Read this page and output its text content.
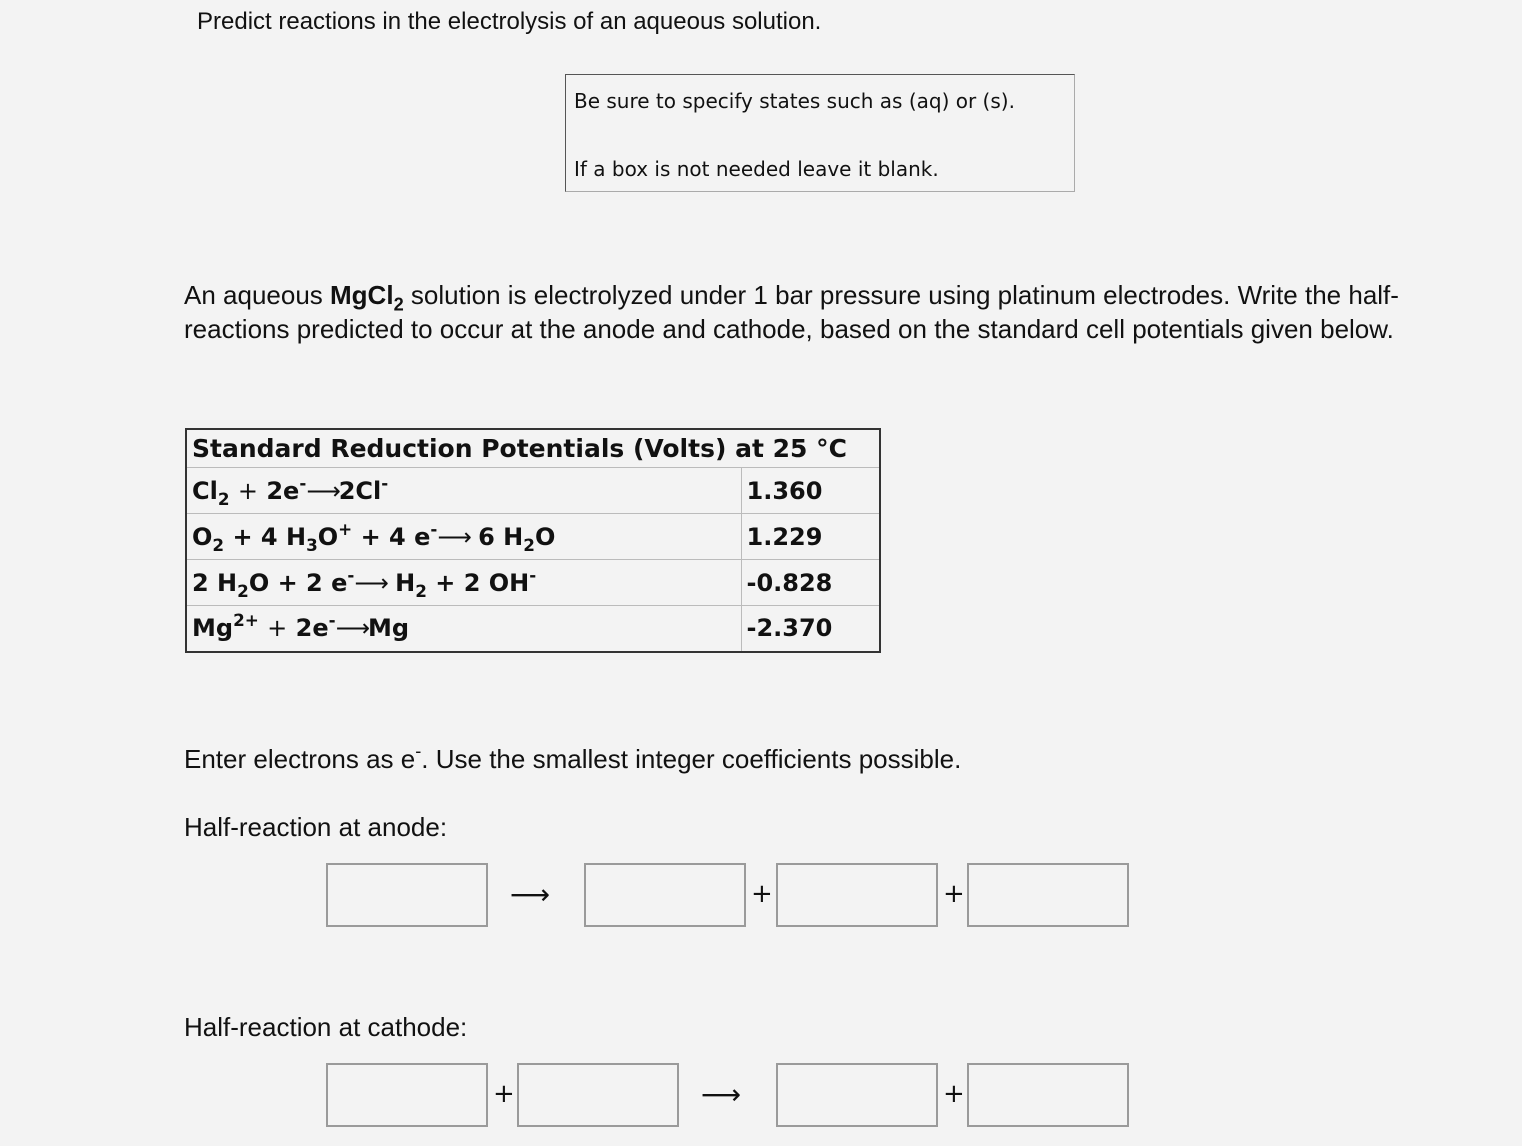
Predict reactions in the electrolysis of an aqueous solution.
Be sure to specify states such as (aq) or (s).
If a box is not needed leave it blank.
An aqueous MgCl$_2$ solution is electrolyzed under 1 bar pressure using platinum electrodes. Write the half-reactions predicted to occur at the anode and cathode, based on the standard cell potentials given below.
Standard Reduction Potentials (Volts) at 25 °C	
$Cl_2$ + 2e-⟶2Cl-	1.360
$O_2 + 4$ $H_3O^+ + 4$ e-⟶ 6 $H_2O$	1.229
2 $H_2O + 2$ e-⟶ $H_2 + 2$ OH-	-0.828
$Mg^{2+}$ + 2e-⟶Mg	-2.370
Enter electrons as e-. Use the smallest integer coefficients possible.
Half-reaction at anode:
⟶	+	+
Half-reaction at cathode:
+	⟶	+
